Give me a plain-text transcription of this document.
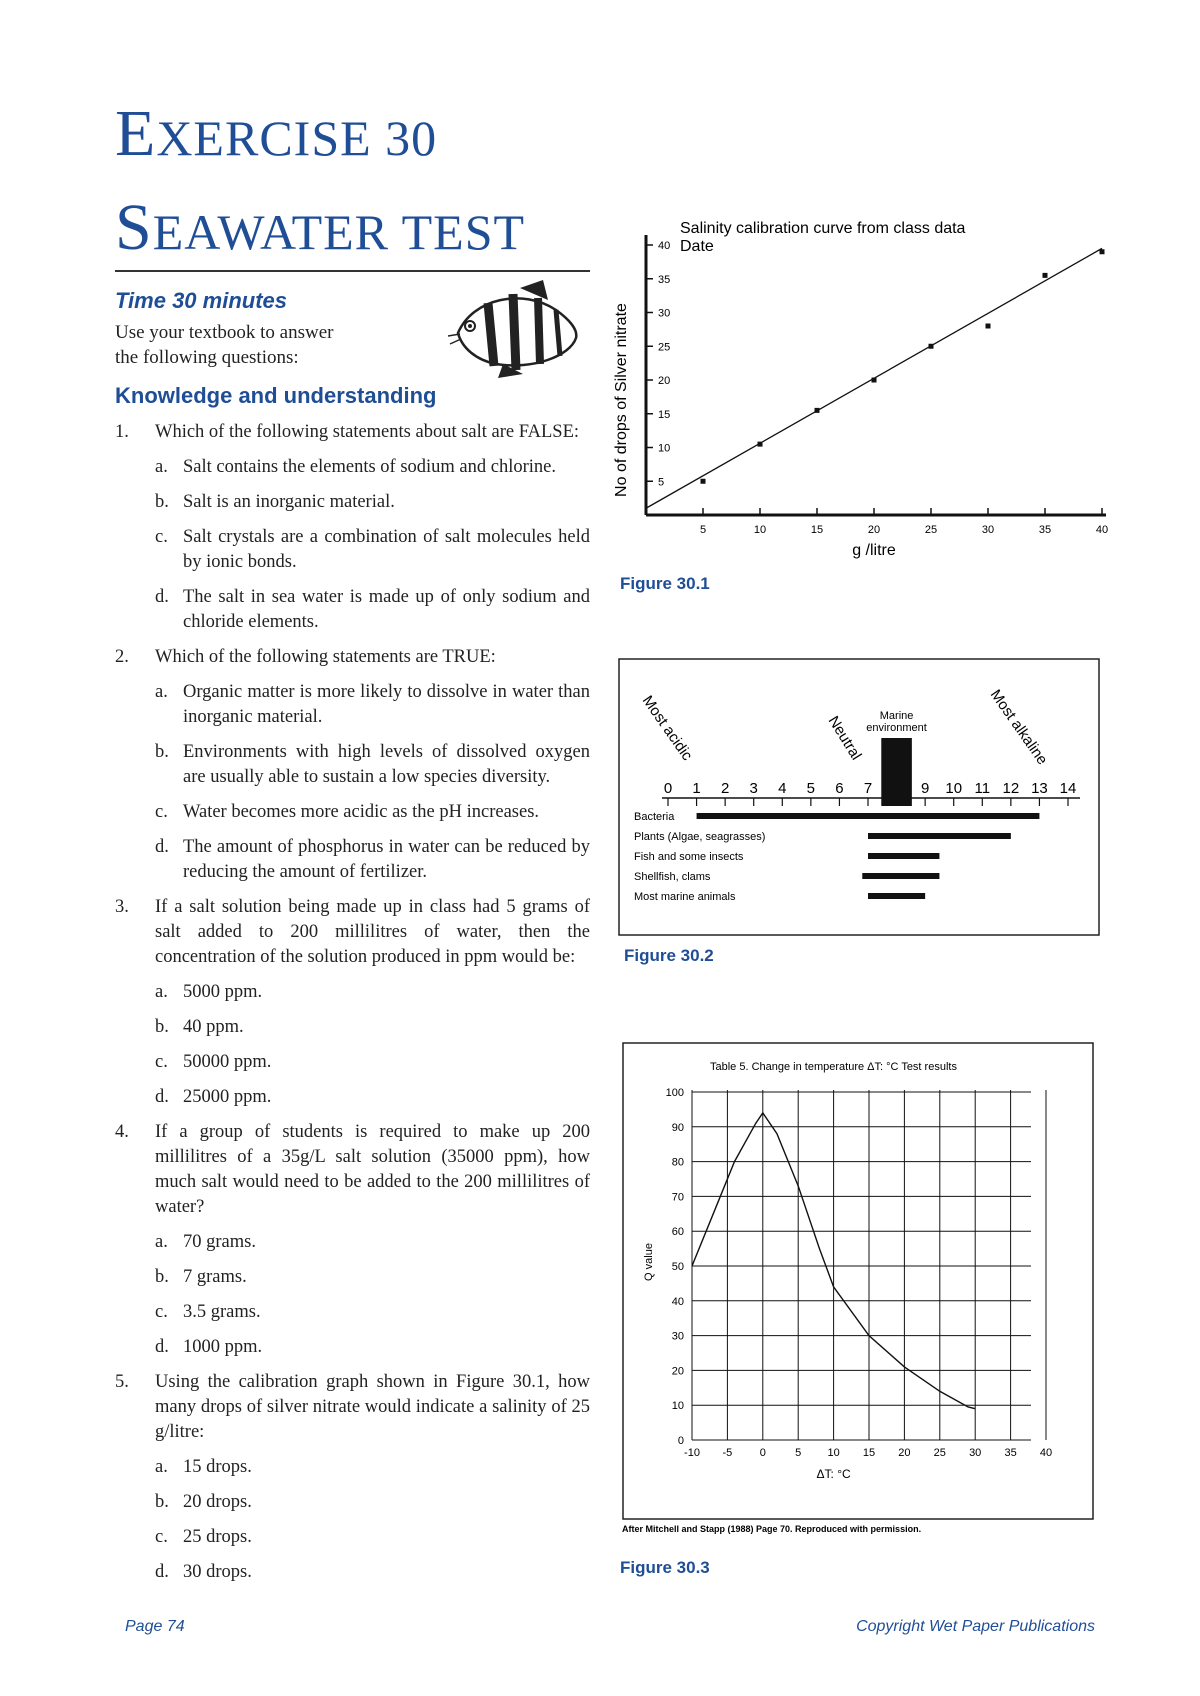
EXERCISE 30
SEAWATER TEST
Time 30 minutes
Use your textbook to answer
the following questions:
Knowledge and understanding
1. Which of the following statements about salt are FALSE:
a. Salt contains the elements of sodium and chlorine.
b. Salt is an inorganic material.
c. Salt crystals are a combination of salt molecules held by ionic bonds.
d. The salt in sea water is made up of only sodium and chloride elements.
2. Which of the following statements are TRUE:
a. Organic matter is more likely to dissolve in water than inorganic material.
b. Environments with high levels of dissolved oxygen are usually able to sustain a low species diversity.
c. Water becomes more acidic as the pH increases.
d. The amount of phosphorus in water can be reduced by reducing the amount of fertilizer.
3. If a salt solution being made up in class had 5 grams of salt added to 200 millilitres of water, then the concentration of the solution produced in ppm would be:
a. 5000 ppm.
b. 40 ppm.
c. 50000 ppm.
d. 25000 ppm.
4. If a group of students is required to make up 200 millilitres of a 35g/L salt solution (35000 ppm), how much salt would need to be added to the 200 millilitres of water?
a. 70 grams.
b. 7 grams.
c. 3.5 grams.
d. 1000 ppm.
5. Using the calibration graph shown in Figure 30.1, how many drops of silver nitrate would indicate a salinity of 25 g/litre:
a. 15 drops.
b. 20 drops.
c. 25 drops.
d. 30 drops.
5
10
15
20
25
30
35
40
5	10	15	20	25	30	35	40
Salinity calibration curve from class data
Date
g /litre
No of drops of Silver nitrate
Figure 30.1
0 1 2 3 4 5 6 7	9 10 11 12 13 14
Marine
environment
Most acidic	Neutral	Most alkaline
Bacteria
Plants (Algae, seagrasses)
Fish and some insects
Shellfish, clams
Most marine animals
Figure 30.2
0
10
20
30
40
50
60
70
80
90
100
-10 -5 0	5 10 15 20 25 30 35 40
Table 5. Change in temperature ΔT: °C Test results
ΔT: °C
Q value
After Mitchell and Stapp (1988) Page 70. Reproduced with permission.
Figure 30.3
Page 74	Copyright Wet Paper Publications
